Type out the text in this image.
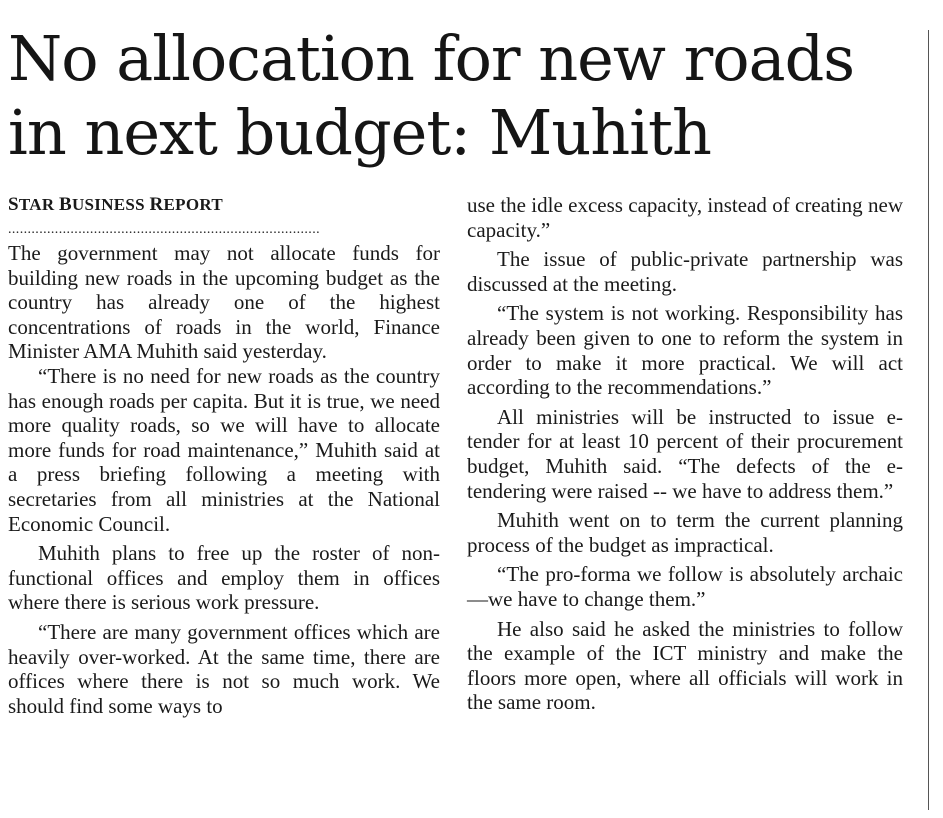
No allocation for new roads
in next budget: Muhith
STAR BUSINESS REPORT
................................................................................

The government may not allocate funds for building new roads in the upcoming budget as the country has already one of the highest concentrations of roads in the world, Finance Minister AMA Muhith said yesterday.

“There is no need for new roads as the country has enough roads per capita. But it is true, we need more quality roads, so we will have to allocate more funds for road maintenance,” Muhith said at a press briefing following a meeting with secretaries from all ministries at the National Economic Council.

Muhith plans to free up the roster of non-functional offices and employ them in offices where there is serious work pressure.

“There are many government offices which are heavily over-worked. At the same time, there are offices where there is not so much work. We should find some ways to

use the idle excess capacity, instead of creating new capacity.”

The issue of public-private partnership was discussed at the meeting.

“The system is not working. Responsibility has already been given to one to reform the system in order to make it more practical. We will act according to the recommendations.”

All ministries will be instructed to issue e-tender for at least 10 percent of their procurement budget, Muhith said. “The defects of the e-tendering were raised -- we have to address them.”

Muhith went on to term the current planning process of the budget as impractical.

“The pro-forma we follow is absolutely archaic—we have to change them.”

He also said he asked the ministries to follow the example of the ICT ministry and make the floors more open, where all officials will work in the same room.
